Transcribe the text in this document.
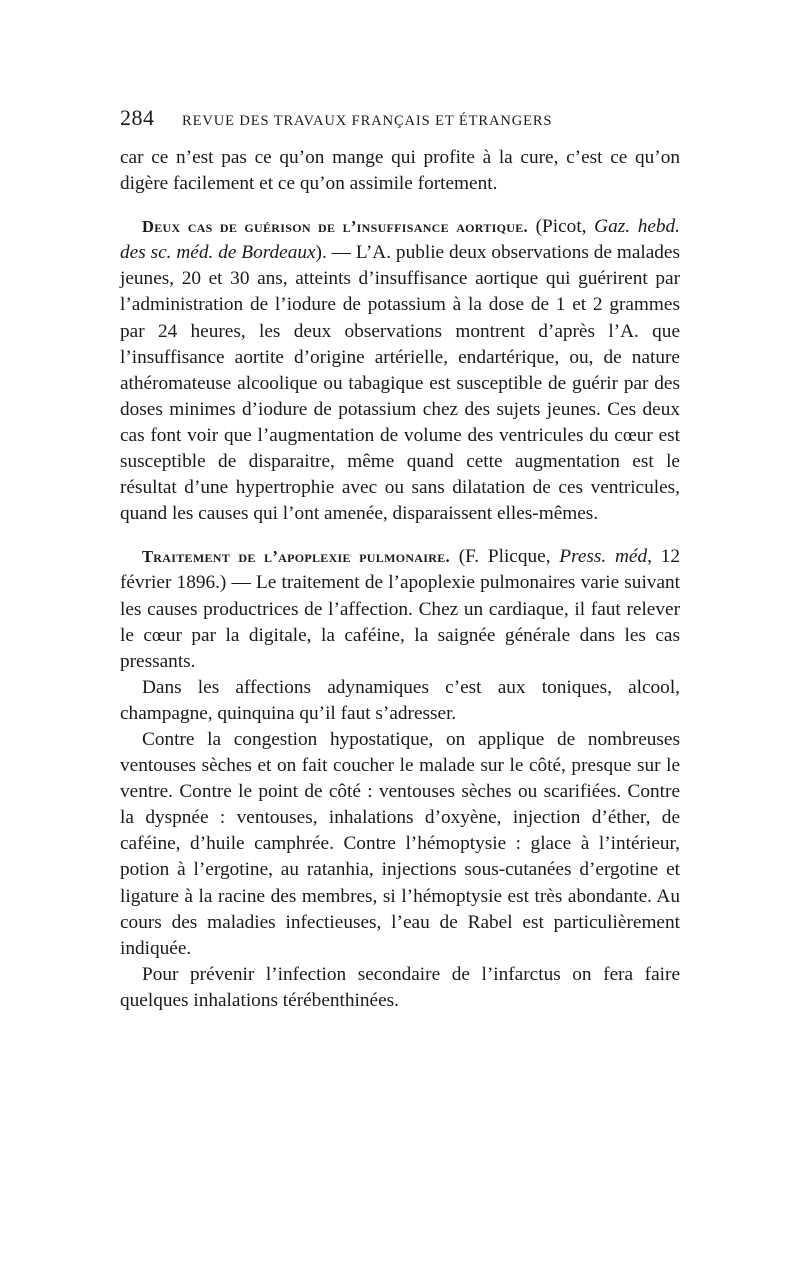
284	REVUE DES TRAVAUX FRANÇAIS ET ÉTRANGERS

car ce n’est pas ce qu’on mange qui profite à la cure, c’est ce qu’on digère facilement et ce qu’on assimile fortement.

Deux cas de guérison de l’insuffisance aortique. (Picot, Gaz. hebd. des sc. méd. de Bordeaux). — L’A. publie deux observations de malades jeunes, 20 et 30 ans, atteints d’insuffisance aortique qui guérirent par l’administration de l’iodure de potassium à la dose de 1 et 2 grammes par 24 heures, les deux observations montrent d’après l’A. que l’insuffisance aortite d’origine artérielle, endartérique, ou, de nature athéromateuse alcoolique ou tabagique est susceptible de guérir par des doses minimes d’iodure de potassium chez des sujets jeunes. Ces deux cas font voir que l’augmentation de volume des ventricules du cœur est susceptible de disparaitre, même quand cette augmentation est le résultat d’une hypertrophie avec ou sans dilatation de ces ventricules, quand les causes qui l’ont amenée, disparaissent elles-mêmes.

Traitement de l’apoplexie pulmonaire. (F. Plicque, Press. méd, 12 février 1896.) — Le traitement de l’apoplexie pulmonaires varie suivant les causes productrices de l’affection. Chez un cardiaque, il faut relever le cœur par la digitale, la caféine, la saignée générale dans les cas pressants.

Dans les affections adynamiques c’est aux toniques, alcool, champagne, quinquina qu’il faut s’adresser.

Contre la congestion hypostatique, on applique de nombreuses ventouses sèches et on fait coucher le malade sur le côté, presque sur le ventre. Contre le point de côté : ventouses sèches ou scarifiées. Contre la dyspnée : ventouses, inhalations d’oxyène, injection d’éther, de caféine, d’huile camphrée. Contre l’hémoptysie : glace à l’intérieur, potion à l’ergotine, au ratanhia, injections sous-cutanées d’ergotine et ligature à la racine des membres, si l’hémoptysie est très abondante. Au cours des maladies infectieuses, l’eau de Rabel est particulièrement indiquée.

Pour prévenir l’infection secondaire de l’infarctus on fera faire quelques inhalations térébenthinées.
